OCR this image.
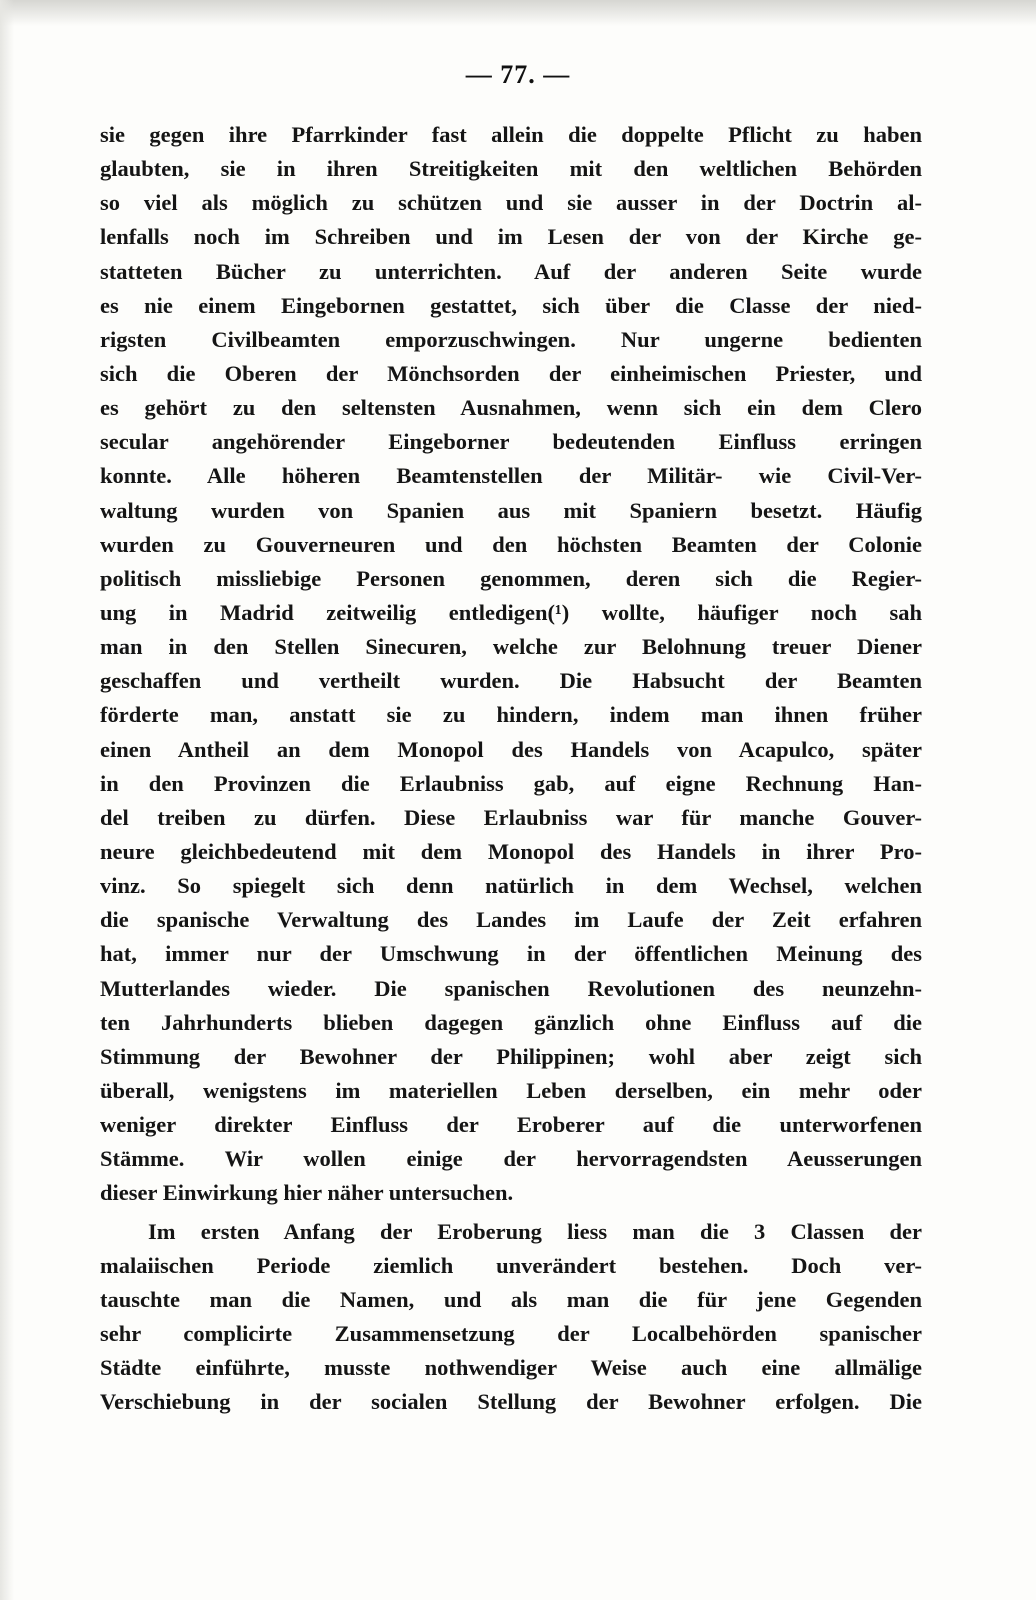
— 77. —
sie gegen ihre Pfarrkinder fast allein die doppelte Pflicht zu haben
glaubten, sie in ihren Streitigkeiten mit den weltlichen Behörden
so viel als möglich zu schützen und sie ausser in der Doctrin al-
lenfalls noch im Schreiben und im Lesen der von der Kirche ge-
statteten Bücher zu unterrichten. Auf der anderen Seite wurde
es nie einem Eingebornen gestattet, sich über die Classe der nied-
rigsten Civilbeamten emporzuschwingen. Nur ungerne bedienten
sich die Oberen der Mönchsorden der einheimischen Priester, und
es gehört zu den seltensten Ausnahmen, wenn sich ein dem Clero
secular angehörender Eingeborner bedeutenden Einfluss erringen
konnte. Alle höheren Beamtenstellen der Militär- wie Civil-Ver-
waltung wurden von Spanien aus mit Spaniern besetzt. Häufig
wurden zu Gouverneuren und den höchsten Beamten der Colonie
politisch missliebige Personen genommen, deren sich die Regier-
ung in Madrid zeitweilig entledigen(¹) wollte, häufiger noch sah
man in den Stellen Sinecuren, welche zur Belohnung treuer Diener
geschaffen und vertheilt wurden. Die Habsucht der Beamten
förderte man, anstatt sie zu hindern, indem man ihnen früher
einen Antheil an dem Monopol des Handels von Acapulco, später
in den Provinzen die Erlaubniss gab, auf eigne Rechnung Han-
del treiben zu dürfen. Diese Erlaubniss war für manche Gouver-
neure gleichbedeutend mit dem Monopol des Handels in ihrer Pro-
vinz. So spiegelt sich denn natürlich in dem Wechsel, welchen
die spanische Verwaltung des Landes im Laufe der Zeit erfahren
hat, immer nur der Umschwung in der öffentlichen Meinung des
Mutterlandes wieder. Die spanischen Revolutionen des neunzehn-
ten Jahrhunderts blieben dagegen gänzlich ohne Einfluss auf die
Stimmung der Bewohner der Philippinen; wohl aber zeigt sich
überall, wenigstens im materiellen Leben derselben, ein mehr oder
weniger direkter Einfluss der Eroberer auf die unterworfenen
Stämme. Wir wollen einige der hervorragendsten Aeusserungen
dieser Einwirkung hier näher untersuchen.
Im ersten Anfang der Eroberung liess man die 3 Classen der
malaiischen Periode ziemlich unverändert bestehen. Doch ver-
tauschte man die Namen, und als man die für jene Gegenden
sehr complicirte Zusammensetzung der Localbehörden spanischer
Städte einführte, musste nothwendiger Weise auch eine allmälige
Verschiebung in der socialen Stellung der Bewohner erfolgen. Die
